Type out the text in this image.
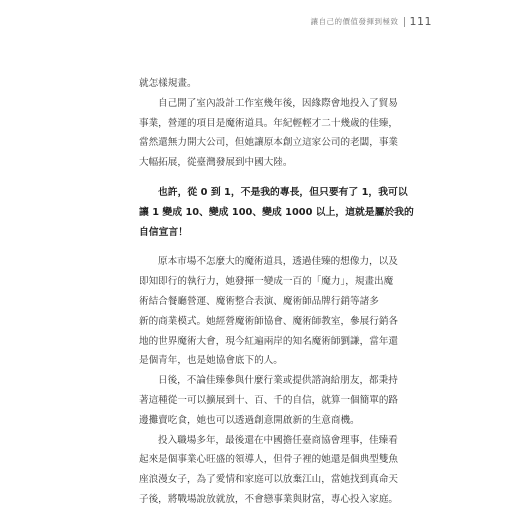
讓自己的價值發揮到極致 111

就怎樣規畫。

自己開了室內設計工作室幾年後，因緣際會地投入了貿易
事業，營運的項目是魔術道具。年紀輕輕才二十幾歲的佳臻，
當然還無力開大公司，但她讓原本創立這家公司的老闆，事業
大幅拓展，從臺灣發展到中國大陸。

也許，從 0 到 1，不是我的專長，但只要有了 1，我可以
讓 1 變成 10、變成 100、變成 1000 以上，這就是屬於我的
自信宣言！

原本市場不怎麼大的魔術道具，透過佳臻的想像力，以及
即知即行的執行力，她發揮一變成一百的「魔力」，規畫出魔
術結合餐廳營運、魔術整合表演、魔術師品牌行銷等諸多
新的商業模式。她經營魔術師協會、魔術師教室，參展行銷各
地的世界魔術大會，現今紅遍兩岸的知名魔術師劉謙，當年還
是個青年，也是她協會底下的人。

日後，不論佳臻參與什麼行業或提供諮詢給朋友，都秉持
著這種從一可以擴展到十、百、千的自信，就算一個簡單的路
邊攤賣吃食，她也可以透過創意開啟新的生意商機。

投入職場多年，最後還在中國擔任臺商協會理事，佳臻看
起來是個事業心旺盛的領導人，但骨子裡的她還是個典型雙魚
座浪漫女子，為了愛情和家庭可以放棄江山，當她找到真命天
子後，將戰場說放就放，不會戀事業與財富，專心投入家庭。
